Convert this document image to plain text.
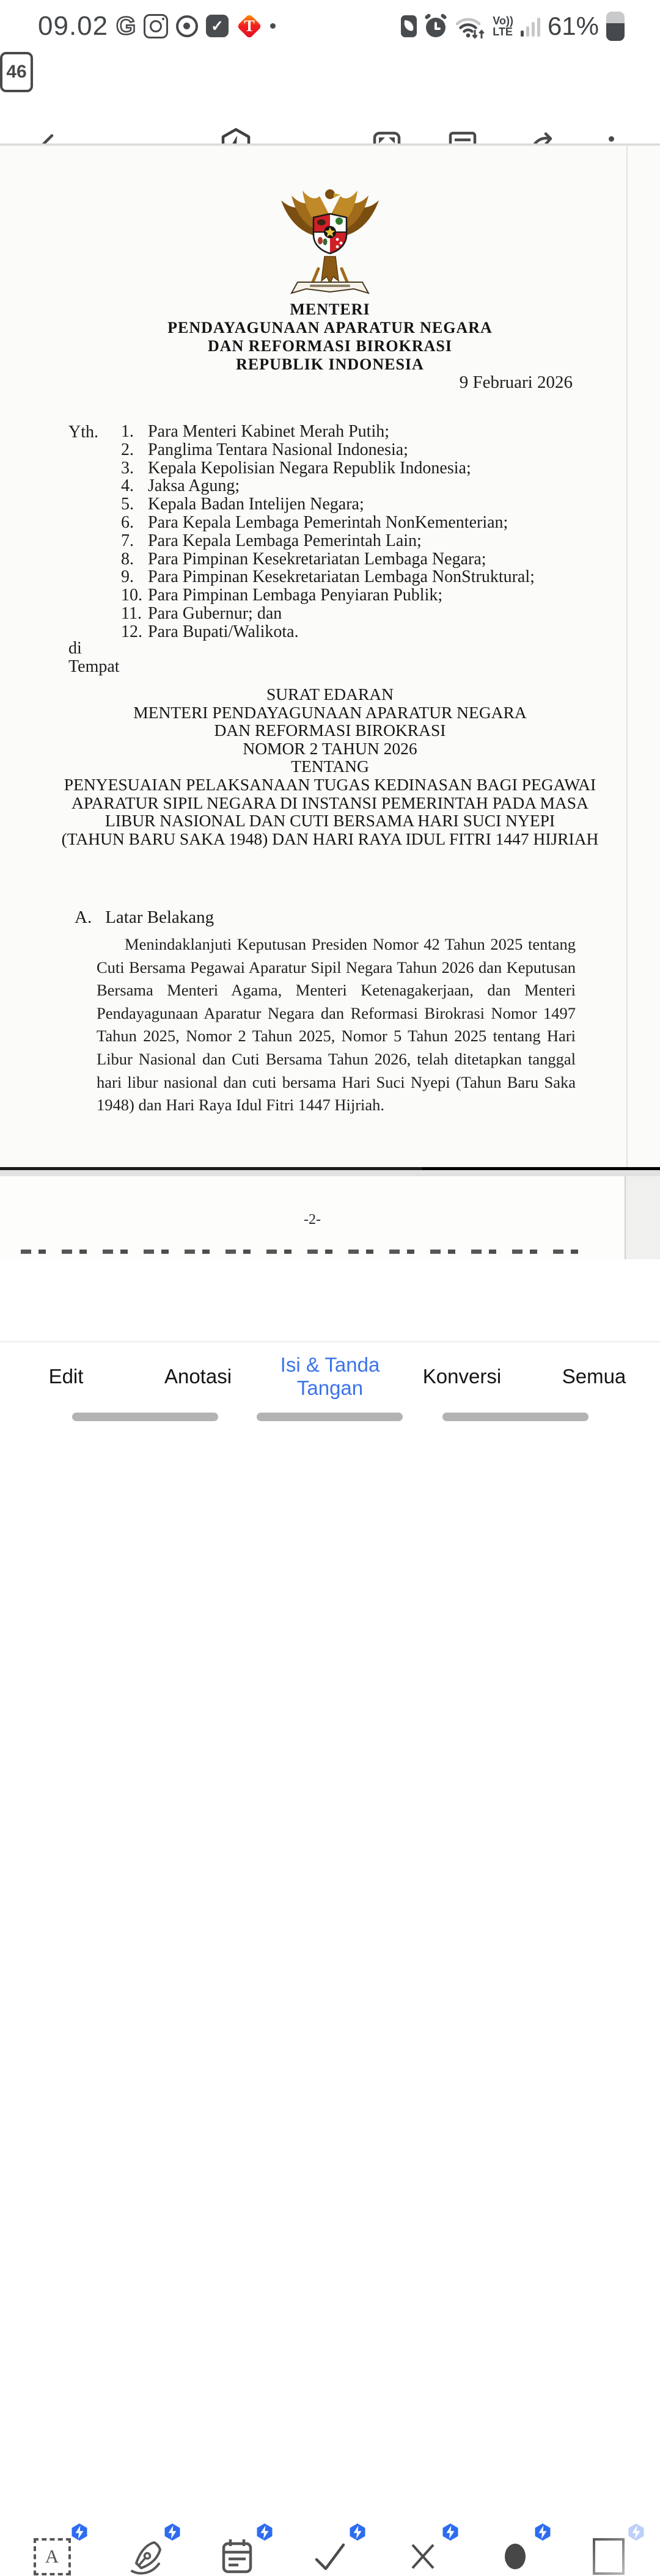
09.02 G	✓	T	Vo))
LTE 61%
46
MENTERI
PENDAYAGUNAAN APARATUR NEGARA
DAN REFORMASI BIROKRASI
REPUBLIK INDONESIA
9 Februari 2026
Yth. 1. Para Menteri Kabinet Merah Putih;
2. Panglima Tentara Nasional Indonesia;
3. Kepala Kepolisian Negara Republik Indonesia;
4. Jaksa Agung;
5. Kepala Badan Intelijen Negara;
6. Para Kepala Lembaga Pemerintah NonKementerian;
7. Para Kepala Lembaga Pemerintah Lain;
8. Para Pimpinan Kesekretariatan Lembaga Negara;
9. Para Pimpinan Kesekretariatan Lembaga NonStruktural;
10. Para Pimpinan Lembaga Penyiaran Publik;
11. Para Gubernur; dan
12. Para Bupati/Walikota.
di
Tempat
SURAT EDARAN
MENTERI PENDAYAGUNAAN APARATUR NEGARA
DAN REFORMASI BIROKRASI
NOMOR 2 TAHUN 2026
TENTANG
PENYESUAIAN PELAKSANAAN TUGAS KEDINASAN BAGI PEGAWAI
APARATUR SIPIL NEGARA DI INSTANSI PEMERINTAH PADA MASA
LIBUR NASIONAL DAN CUTI BERSAMA HARI SUCI NYEPI
(TAHUN BARU SAKA 1948) DAN HARI RAYA IDUL FITRI 1447 HIJRIAH
A. Latar Belakang
Menindaklanjuti Keputusan Presiden Nomor 42 Tahun 2025 tentang Cuti Bersama Pegawai Aparatur Sipil Negara Tahun 2026 dan Keputusan Bersama Menteri Agama, Menteri Ketenagakerjaan, dan Menteri Pendayagunaan Aparatur Negara dan Reformasi Birokrasi Nomor 1497 Tahun 2025, Nomor 2 Tahun 2025, Nomor 5 Tahun 2025 tentang Hari Libur Nasional dan Cuti Bersama Tahun 2026, telah ditetapkan tanggal hari libur nasional dan cuti bersama Hari Suci Nyepi (Tahun Baru Saka 1948) dan Hari Raya Idul Fitri 1447 Hijriah.
-2-
A
Edit	Anotasi
Isi & Tanda Tangan
Konversi	Semua
